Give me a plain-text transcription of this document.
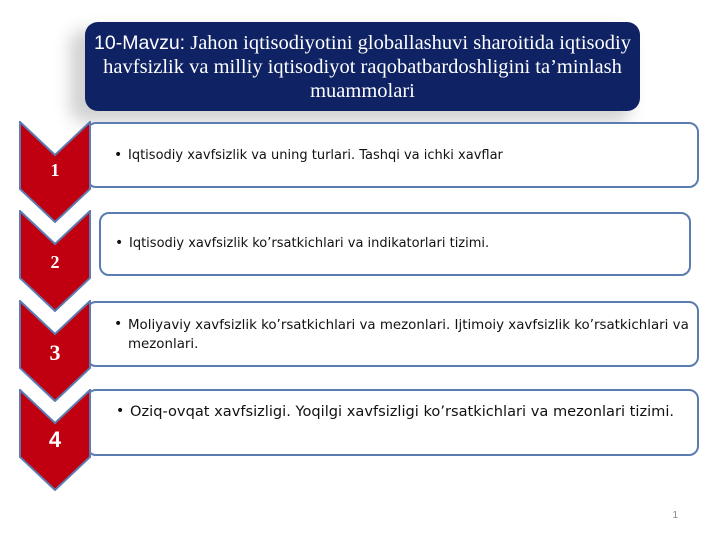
10-Mavzu: Jahon iqtisodiyotini globallashuvi sharoitida iqtisodiy havfsizlik va milliy iqtisodiyot raqobatbardoshligini ta’minlash muammolari
• Iqtisodiy xavfsizlik va uning turlari. Tashqi va ichki xavflar
1
• Iqtisodiy xavfsizlik ko’rsatkichlari va indikatorlari tizimi.
2
• Moliyaviy xavfsizlik ko’rsatkichlari va mezonlari. Ijtimoiy xavfsizlik ko’rsatkichlari va mezonlari.
3
• Oziq-ovqat xavfsizligi. Yoqilgi xavfsizligi ko’rsatkichlari va mezonlari tizimi.
4
1
